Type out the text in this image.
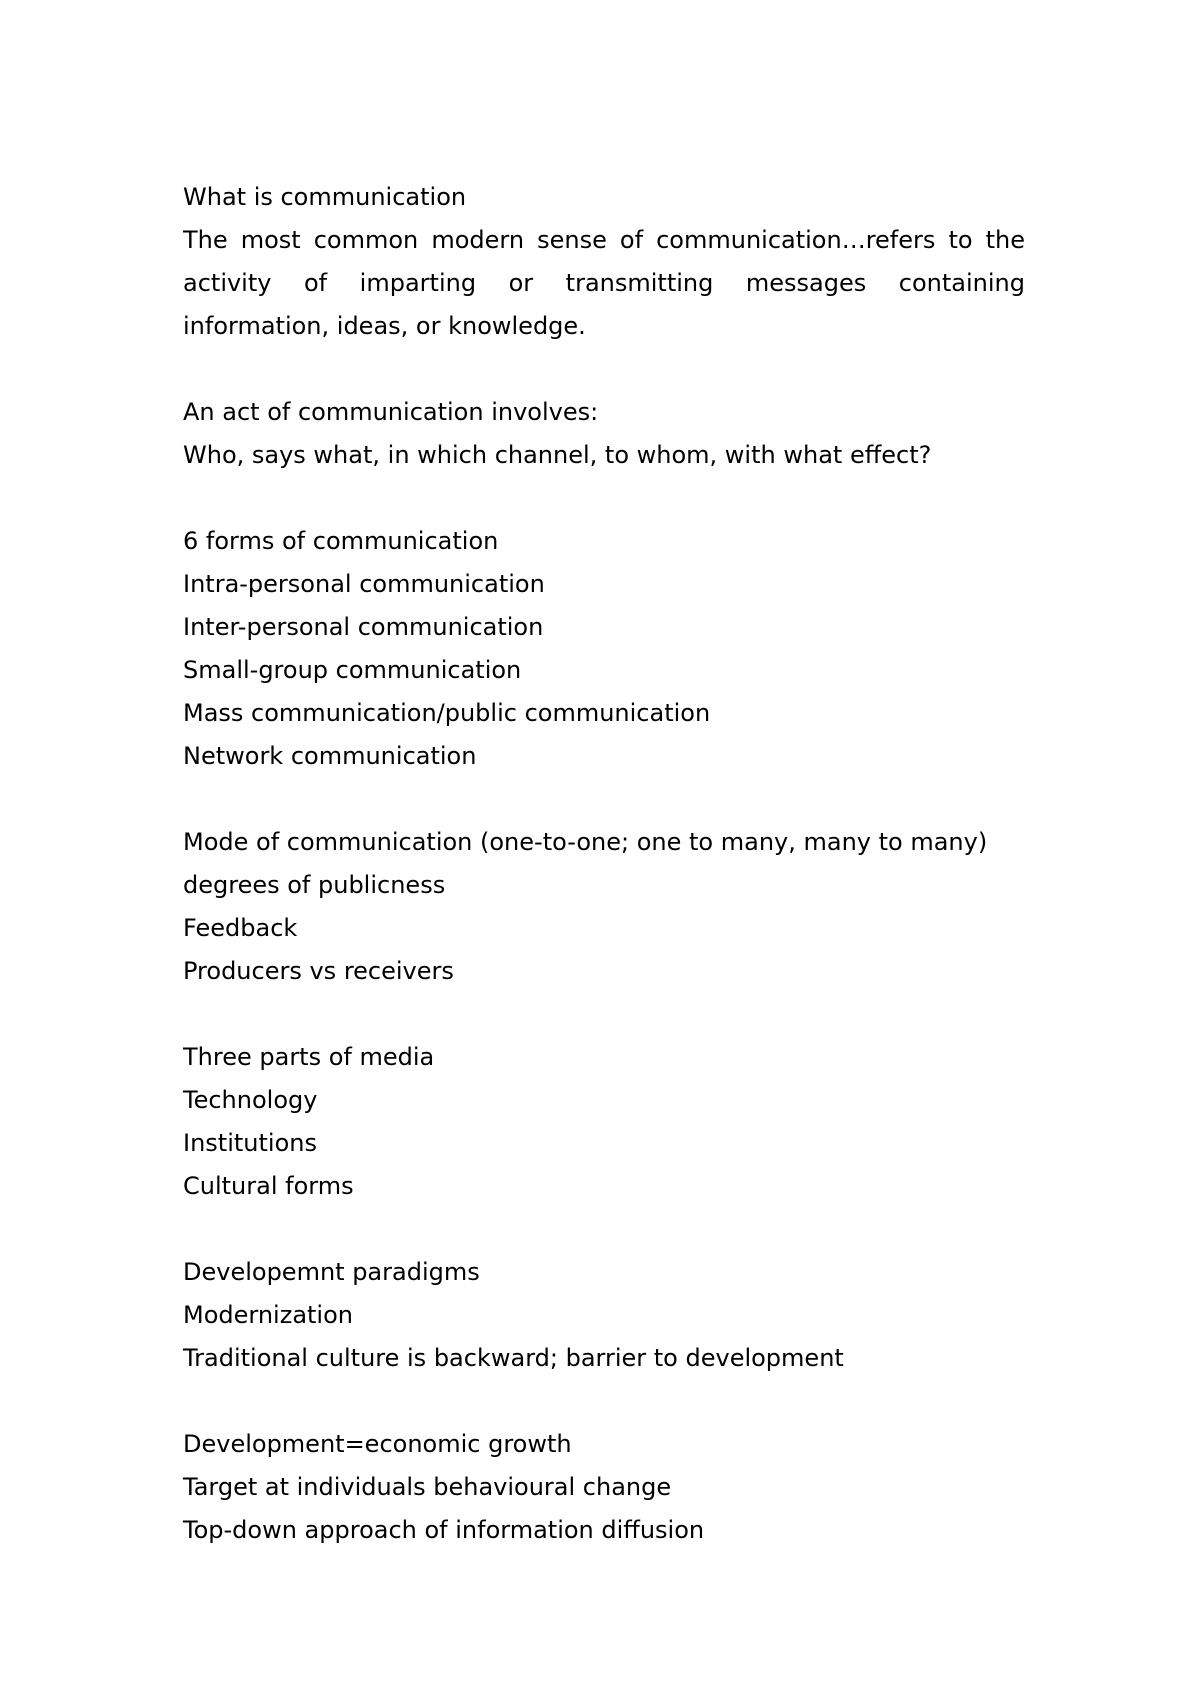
What is communication
The most common modern sense of communication…refers to the activity of imparting or transmitting messages containing information, ideas, or knowledge.
An act of communication involves:
Who, says what, in which channel, to whom, with what effect?
6 forms of communication
Intra-personal communication
Inter-personal communication
Small-group communication
Mass communication/public communication
Network communication
Mode of communication (one-to-one; one to many, many to many)
degrees of publicness
Feedback
Producers vs receivers
Three parts of media
Technology
Institutions
Cultural forms
Developemnt paradigms
Modernization
Traditional culture is backward; barrier to development
Development=economic growth
Target at individuals behavioural change
Top-down approach of information diffusion
